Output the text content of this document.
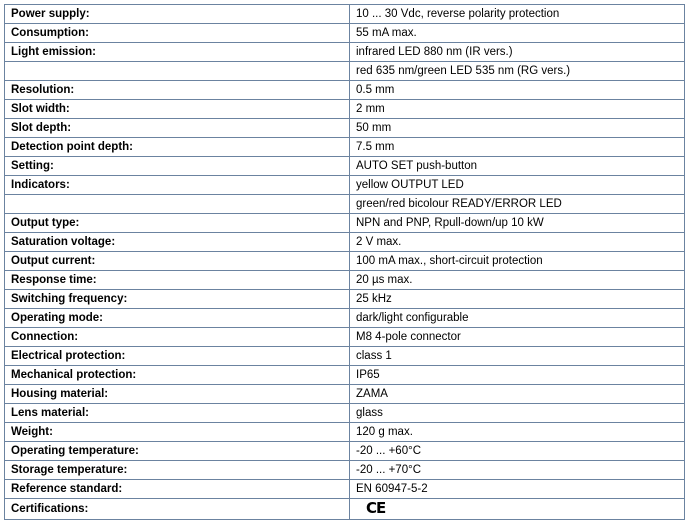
Power supply:	10 ... 30 Vdc, reverse polarity protection
Consumption:	55 mA max.
Light emission:	infrared LED 880 nm (IR vers.)
	red 635 nm/green LED 535 nm (RG vers.)
Resolution:	0.5 mm
Slot width:	2 mm
Slot depth:	50 mm
Detection point depth:	7.5 mm
Setting:	AUTO SET push-button
Indicators:	yellow OUTPUT LED
	green/red bicolour READY/ERROR LED
Output type:	NPN and PNP, Rpull-down/up 10 kW
Saturation voltage:	2 V max.
Output current:	100 mA max., short-circuit protection
Response time:	20 µs max.
Switching frequency:	25 kHz
Operating mode:	dark/light configurable
Connection:	M8 4-pole connector
Electrical protection:	class 1
Mechanical protection:	IP65
Housing material:	ZAMA
Lens material:	glass
Weight:	120 g max.
Operating temperature:	-20 ... +60°C
Storage temperature:	-20 ... +70°C
Reference standard:	EN 60947-5-2
Certifications:	CE
